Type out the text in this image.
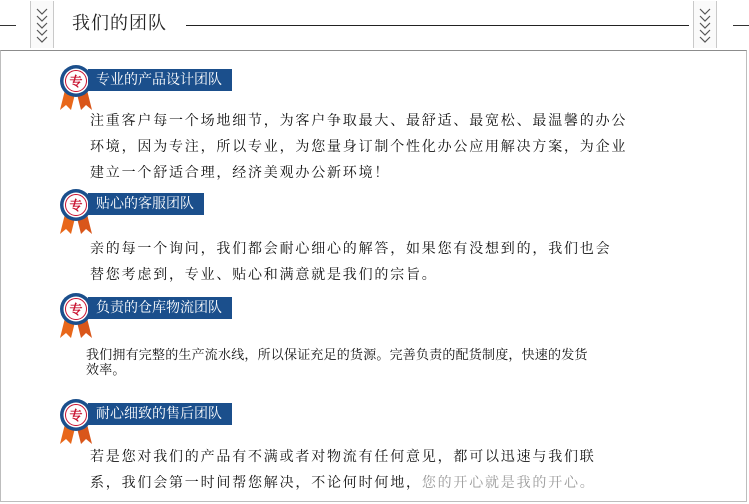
我们的团队
专 专业的产品设计团队
注重客户每一个场地细节，为客户争取最大、最舒适、最宽松、最温馨的办公
环境，因为专注，所以专业，为您量身订制个性化办公应用解决方案，为企业
建立一个舒适合理，经济美观办公新环境！
专 贴心的客服团队
亲的每一个询问，我们都会耐心细心的解答，如果您有没想到的，我们也会
替您考虑到，专业、贴心和满意就是我们的宗旨。
专 负责的仓库物流团队
我们拥有完整的生产流水线，所以保证充足的货源。完善负责的配货制度，快速的发货
效率。
专 耐心细致的售后团队
若是您对我们的产品有不满或者对物流有任何意见，都可以迅速与我们联
系，我们会第一时间帮您解决，不论何时何地，您的开心就是我的开心。
